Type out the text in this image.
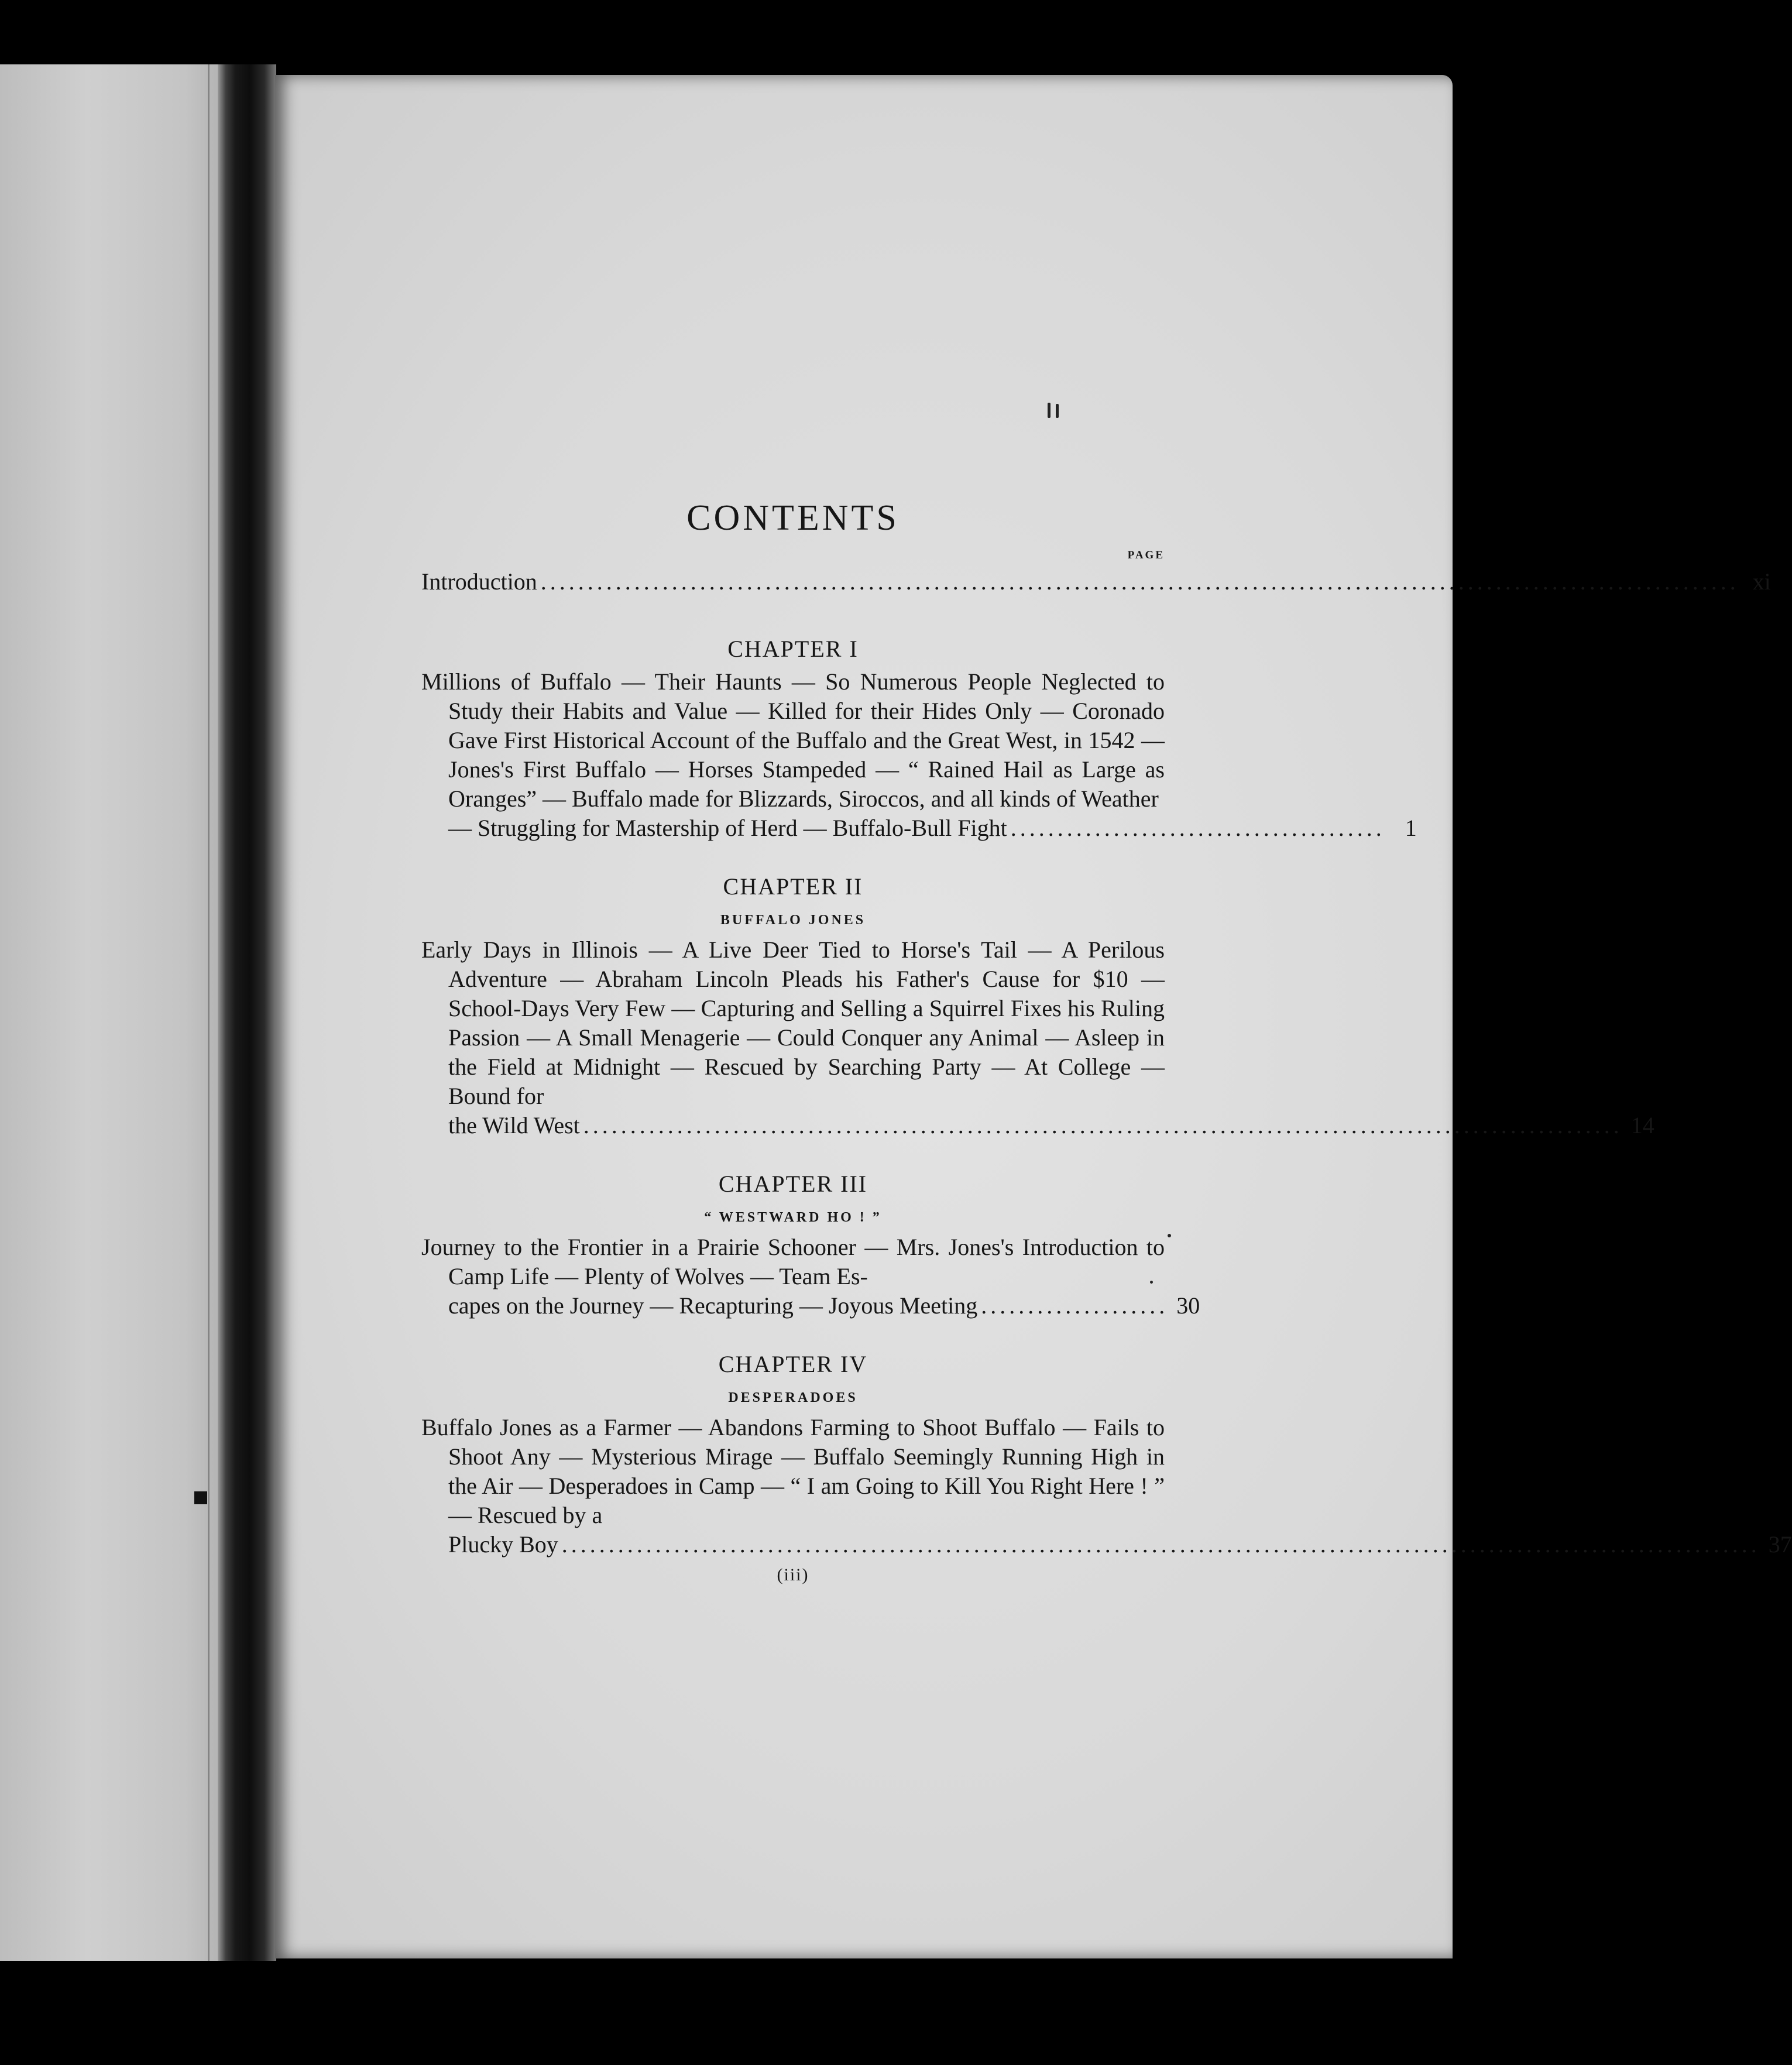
CONTENTS
PAGE
Introduction ................................................................................................................................ xi
CHAPTER I
Millions of Buffalo — Their Haunts — So Numerous People Neglected to Study their Habits and Value — Killed for their Hides Only — Coronado Gave First Historical Account of the Buffalo and the Great West, in 1542 — Jones's First Buffalo — Horses Stampeded — “ Rained Hail as Large as Oranges” — Buffalo made for Blizzards, Siroccos, and all kinds of Weather
— Struggling for Mastership of Herd — Buffalo-Bull Fight ........................................ 1
CHAPTER II
BUFFALO JONES
Early Days in Illinois — A Live Deer Tied to Horse's Tail — A Perilous Adventure — Abraham Lincoln Pleads his Father's Cause for $10 — School-Days Very Few — Capturing and Selling a Squirrel Fixes his Ruling Passion — A Small Menagerie — Could Conquer any Animal — Asleep in the Field at Midnight — Rescued by Searching Party — At College — Bound for
the Wild West ............................................................................................................... 14
CHAPTER III
“ WESTWARD HO ! ”
Journey to the Frontier in a Prairie Schooner — Mrs. Jones's Introduction to Camp Life — Plenty of Wolves — Team Es-
capes on the Journey — Recapturing — Joyous Meeting .................... 30
CHAPTER IV
DESPERADOES
Buffalo Jones as a Farmer — Abandons Farming to Shoot Buffalo — Fails to Shoot Any — Mysterious Mirage — Buffalo Seemingly Running High in the Air — Desperadoes in Camp — “ I am Going to Kill You Right Here ! ” — Rescued by a
Plucky Boy ................................................................................................................................ 37
(iii)
